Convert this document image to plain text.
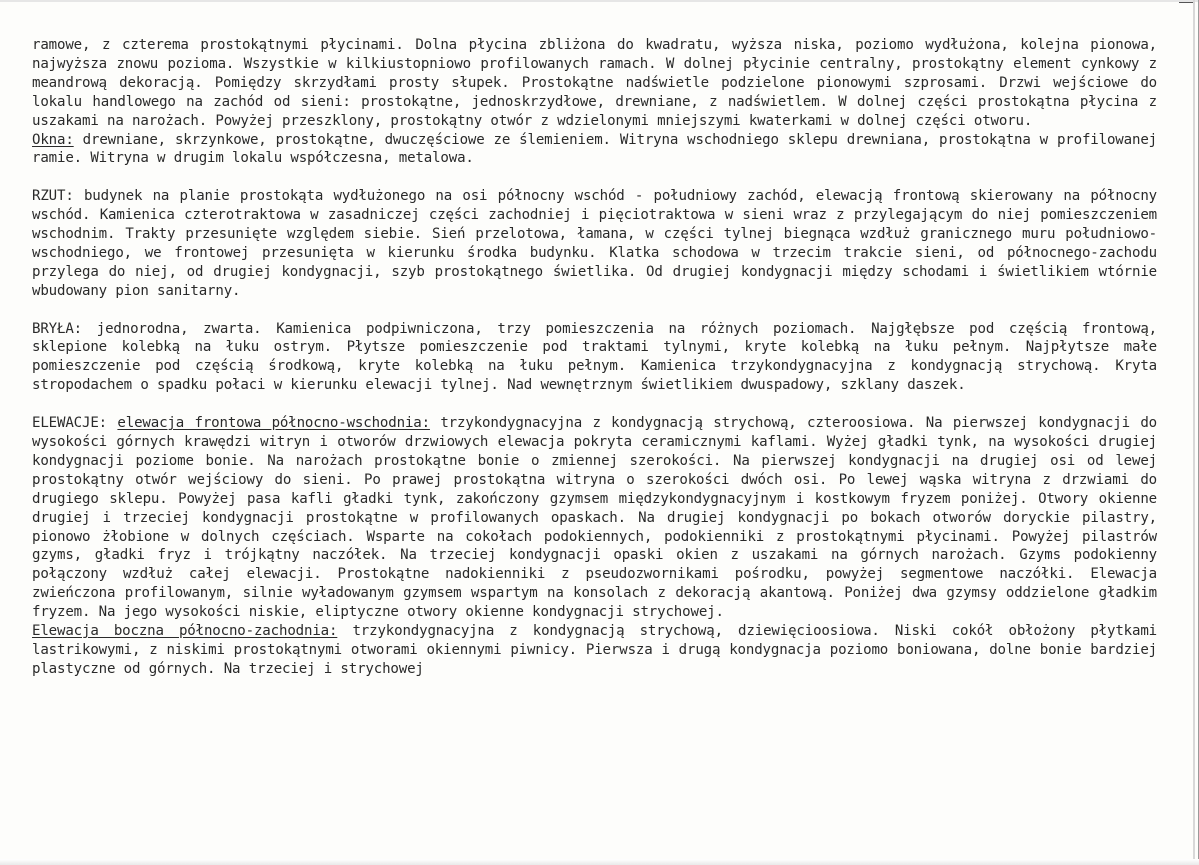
ramowe, z czterema prostokątnymi płycinami. Dolna płycina zbliżona do kwadratu, wyższa niska, poziomo wydłużona, kolejna pionowa, najwyższa znowu pozioma. Wszystkie w kilkiustopniowo profilowanych ramach. W dolnej płycinie centralny, prostokątny element cynkowy z meandrową dekoracją. Pomiędzy skrzydłami prosty słupek. Prostokątne nadświetle podzielone pionowymi szprosami. Drzwi wejściowe do lokalu handlowego na zachód od sieni: prostokątne, jednoskrzydłowe, drewniane, z nadświetlem. W dolnej części prostokątna płycina z uszakami na narożach. Powyżej przeszklony, prostokątny otwór z wdzielonymi mniejszymi kwaterkami w dolnej części otworu.
Okna: drewniane, skrzynkowe, prostokątne, dwuczęściowe ze ślemieniem. Witryna wschodniego sklepu drewniana, prostokątna w profilowanej ramie. Witryna w drugim lokalu współczesna, metalowa.

RZUT: budynek na planie prostokąta wydłużonego na osi północny wschód - południowy zachód, elewacją frontową skierowany na północny wschód. Kamienica czterotraktowa w zasadniczej części zachodniej i pięciotraktowa w sieni wraz z przylegającym do niej pomieszczeniem wschodnim. Trakty przesunięte względem siebie. Sień przelotowa, łamana, w części tylnej biegnąca wzdłuż granicznego muru południowo-wschodniego, we frontowej przesunięta w kierunku środka budynku. Klatka schodowa w trzecim trakcie sieni, od północnego-zachodu przylega do niej, od drugiej kondygnacji, szyb prostokątnego świetlika. Od drugiej kondygnacji między schodami i świetlikiem wtórnie wbudowany pion sanitarny.

BRYŁA: jednorodna, zwarta. Kamienica podpiwniczona, trzy pomieszczenia na różnych poziomach. Najgłębsze pod częścią frontową, sklepione kolebką na łuku ostrym. Płytsze pomieszczenie pod traktami tylnymi, kryte kolebką na łuku pełnym. Najpłytsze małe pomieszczenie pod częścią środkową, kryte kolebką na łuku pełnym. Kamienica trzykondygnacyjna z kondygnacją strychową. Kryta stropodachem o spadku połaci w kierunku elewacji tylnej. Nad wewnętrznym świetlikiem dwuspadowy, szklany daszek.

ELEWACJE: elewacja frontowa północno-wschodnia: trzykondygnacyjna z kondygnacją strychową, czteroosiowa. Na pierwszej kondygnacji do wysokości górnych krawędzi witryn i otworów drzwiowych elewacja pokryta ceramicznymi kaflami. Wyżej gładki tynk, na wysokości drugiej kondygnacji poziome bonie. Na narożach prostokątne bonie o zmiennej szerokości. Na pierwszej kondygnacji na drugiej osi od lewej prostokątny otwór wejściowy do sieni. Po prawej prostokątna witryna o szerokości dwóch osi. Po lewej wąska witryna z drzwiami do drugiego sklepu. Powyżej pasa kafli gładki tynk, zakończony gzymsem międzykondygnacyjnym i kostkowym fryzem poniżej. Otwory okienne drugiej i trzeciej kondygnacji prostokątne w profilowanych opaskach. Na drugiej kondygnacji po bokach otworów doryckie pilastry, pionowo żłobione w dolnych częściach. Wsparte na cokołach podokiennych, podokienniki z prostokątnymi płycinami. Powyżej pilastrów gzyms, gładki fryz i trójkątny naczółek. Na trzeciej kondygnacji opaski okien z uszakami na górnych narożach. Gzyms podokienny połączony wzdłuż całej elewacji. Prostokątne nadokienniki z pseudozwornikami pośrodku, powyżej segmentowe naczółki. Elewacja zwieńczona profilowanym, silnie wyładowanym gzymsem wspartym na konsolach z dekoracją akantową. Poniżej dwa gzymsy oddzielone gładkim fryzem. Na jego wysokości niskie, eliptyczne otwory okienne kondygnacji strychowej.
Elewacja boczna północno-zachodnia: trzykondygnacyjna z kondygnacją strychową, dziewięcioosiowa. Niski cokół obłożony płytkami lastrikowymi, z niskimi prostokątnymi otworami okiennymi piwnicy. Pierwsza i drugą kondygnacja poziomo boniowana, dolne bonie bardziej plastyczne od górnych. Na trzeciej i strychowej
